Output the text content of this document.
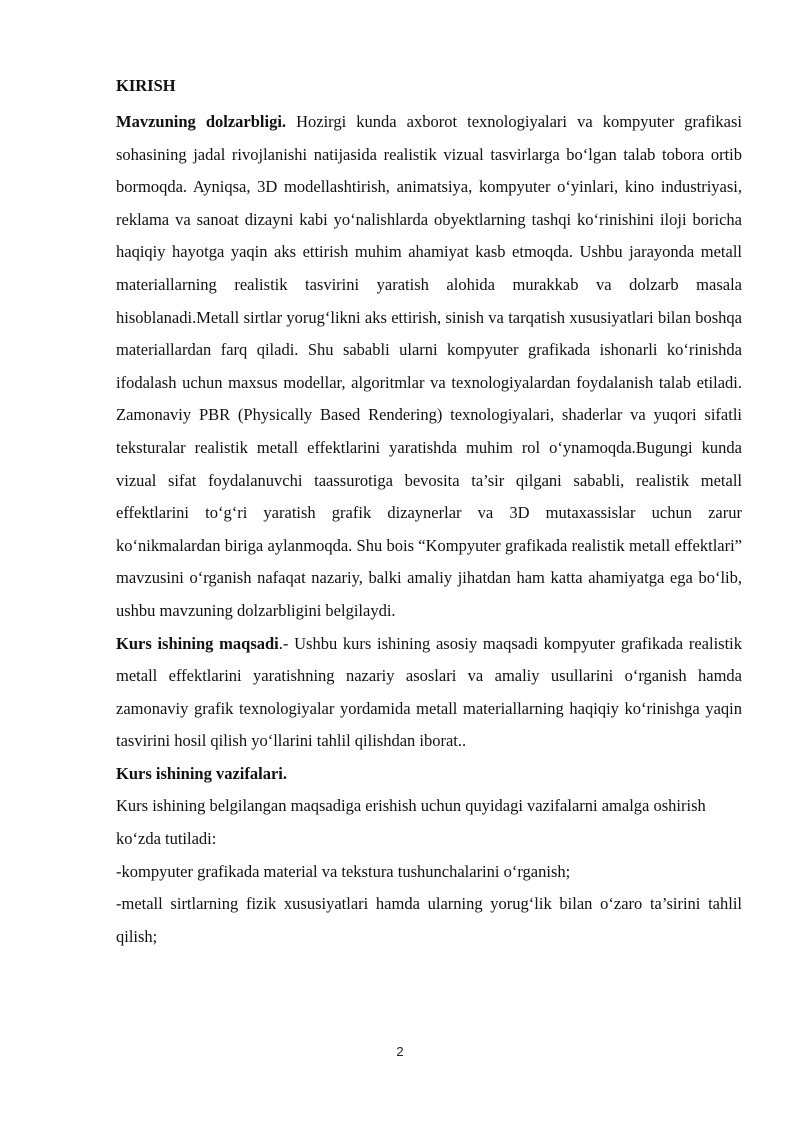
KIRISH

Mavzuning dolzarbligi. Hozirgi kunda axborot texnologiyalari va kompyuter grafikasi sohasining jadal rivojlanishi natijasida realistik vizual tasvirlarga boʻlgan talab tobora ortib bormoqda. Ayniqsa, 3D modellashtirish, animatsiya, kompyuter oʻyinlari, kino industriyasi, reklama va sanoat dizayni kabi yoʻnalishlarda obyektlarning tashqi koʻrinishini iloji boricha haqiqiy hayotga yaqin aks ettirish muhim ahamiyat kasb etmoqda. Ushbu jarayonda metall materiallarning realistik tasvirini yaratish alohida murakkab va dolzarb masala hisoblanadi.Metall sirtlar yorugʻlikni aks ettirish, sinish va tarqatish xususiyatlari bilan boshqa materiallardan farq qiladi. Shu sababli ularni kompyuter grafikada ishonarli koʻrinishda ifodalash uchun maxsus modellar, algoritmlar va texnologiyalardan foydalanish talab etiladi. Zamonaviy PBR (Physically Based Rendering) texnologiyalari, shaderlar va yuqori sifatli teksturalar realistik metall effektlarini yaratishda muhim rol oʻynamoqda.Bugungi kunda vizual sifat foydalanuvchi taassurotiga bevosita ta’sir qilgani sababli, realistik metall effektlarini toʻgʻri yaratish grafik dizaynerlar va 3D mutaxassislar uchun zarur koʻnikmalardan biriga aylanmoqda. Shu bois “Kompyuter grafikada realistik metall effektlari” mavzusini oʻrganish nafaqat nazariy, balki amaliy jihatdan ham katta ahamiyatga ega boʻlib, ushbu mavzuning dolzarbligini belgilaydi.

Kurs ishining maqsadi.- Ushbu kurs ishining asosiy maqsadi kompyuter grafikada realistik metall effektlarini yaratishning nazariy asoslari va amaliy usullarini oʻrganish hamda zamonaviy grafik texnologiyalar yordamida metall materiallarning haqiqiy koʻrinishga yaqin tasvirini hosil qilish yoʻllarini tahlil qilishdan iborat..

Kurs ishining vazifalari.

Kurs ishining belgilangan maqsadiga erishish uchun quyidagi vazifalarni amalga oshirish koʻzda tutiladi:

-kompyuter grafikada material va tekstura tushunchalarini oʻrganish;

-metall sirtlarning fizik xususiyatlari hamda ularning yorugʻlik bilan oʻzaro ta’sirini tahlil qilish;

2
